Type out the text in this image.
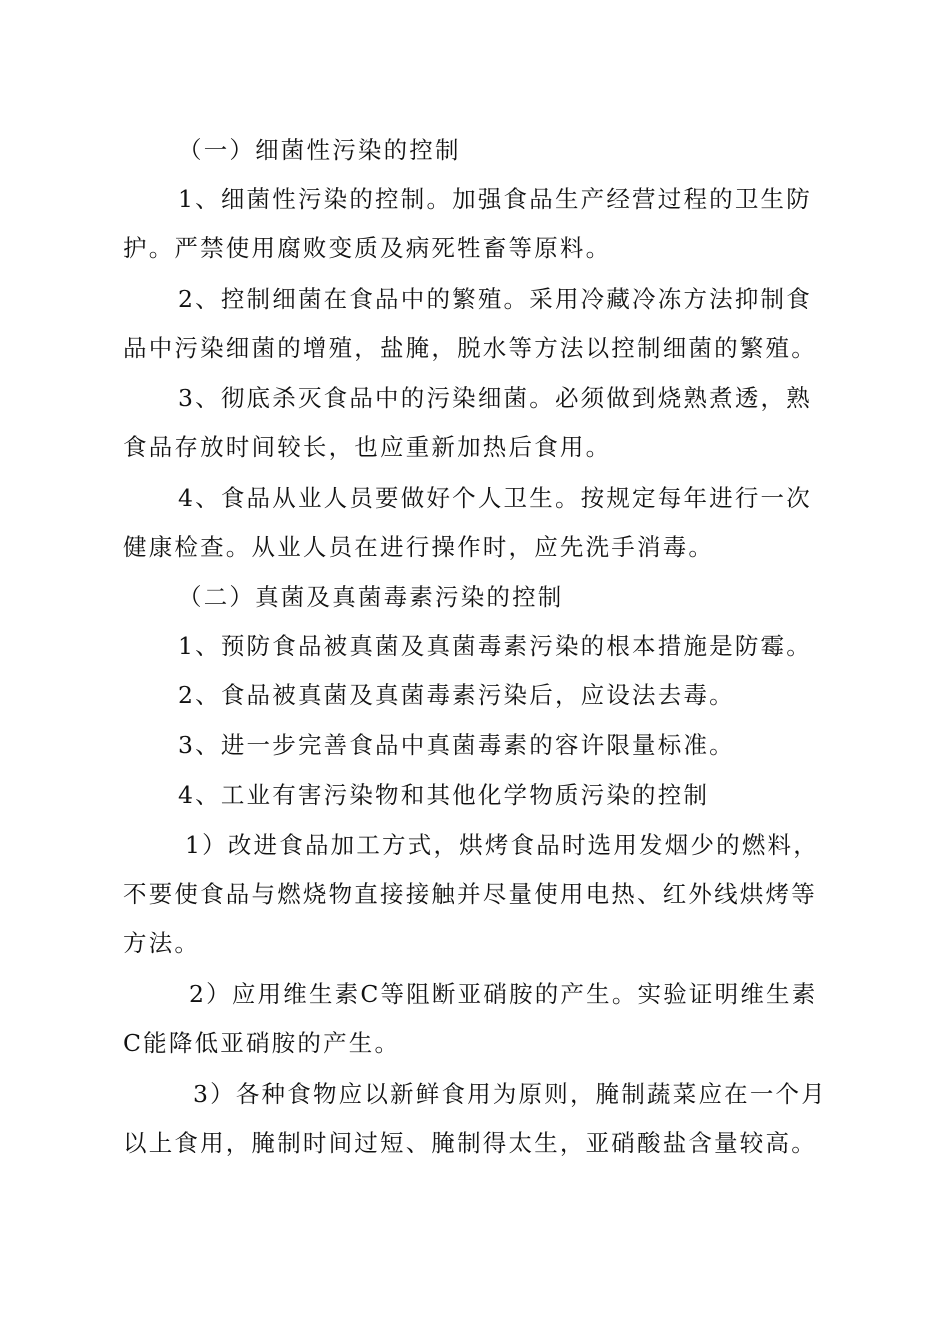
（一）细菌性污染的控制

1、细菌性污染的控制。加强食品生产经营过程的卫生防护。严禁使用腐败变质及病死牲畜等原料。

2、控制细菌在食品中的繁殖。采用冷藏冷冻方法抑制食品中污染细菌的增殖，盐腌，脱水等方法以控制细菌的繁殖。

3、彻底杀灭食品中的污染细菌。必须做到烧熟煮透，熟食品存放时间较长，也应重新加热后食用。

4、食品从业人员要做好个人卫生。按规定每年进行一次健康检查。从业人员在进行操作时，应先洗手消毒。

（二）真菌及真菌毒素污染的控制

1、预防食品被真菌及真菌毒素污染的根本措施是防霉。

2、食品被真菌及真菌毒素污染后，应设法去毒。

3、进一步完善食品中真菌毒素的容许限量标准。

4、工业有害污染物和其他化学物质污染的控制

1）改进食品加工方式，烘烤食品时选用发烟少的燃料，不要使食品与燃烧物直接接触并尽量使用电热、红外线烘烤等方法。

2）应用维生素C等阻断亚硝胺的产生。实验证明维生素C能降低亚硝胺的产生。

3）各种食物应以新鲜食用为原则，腌制蔬菜应在一个月以上食用，腌制时间过短、腌制得太生，亚硝酸盐含量较高。
